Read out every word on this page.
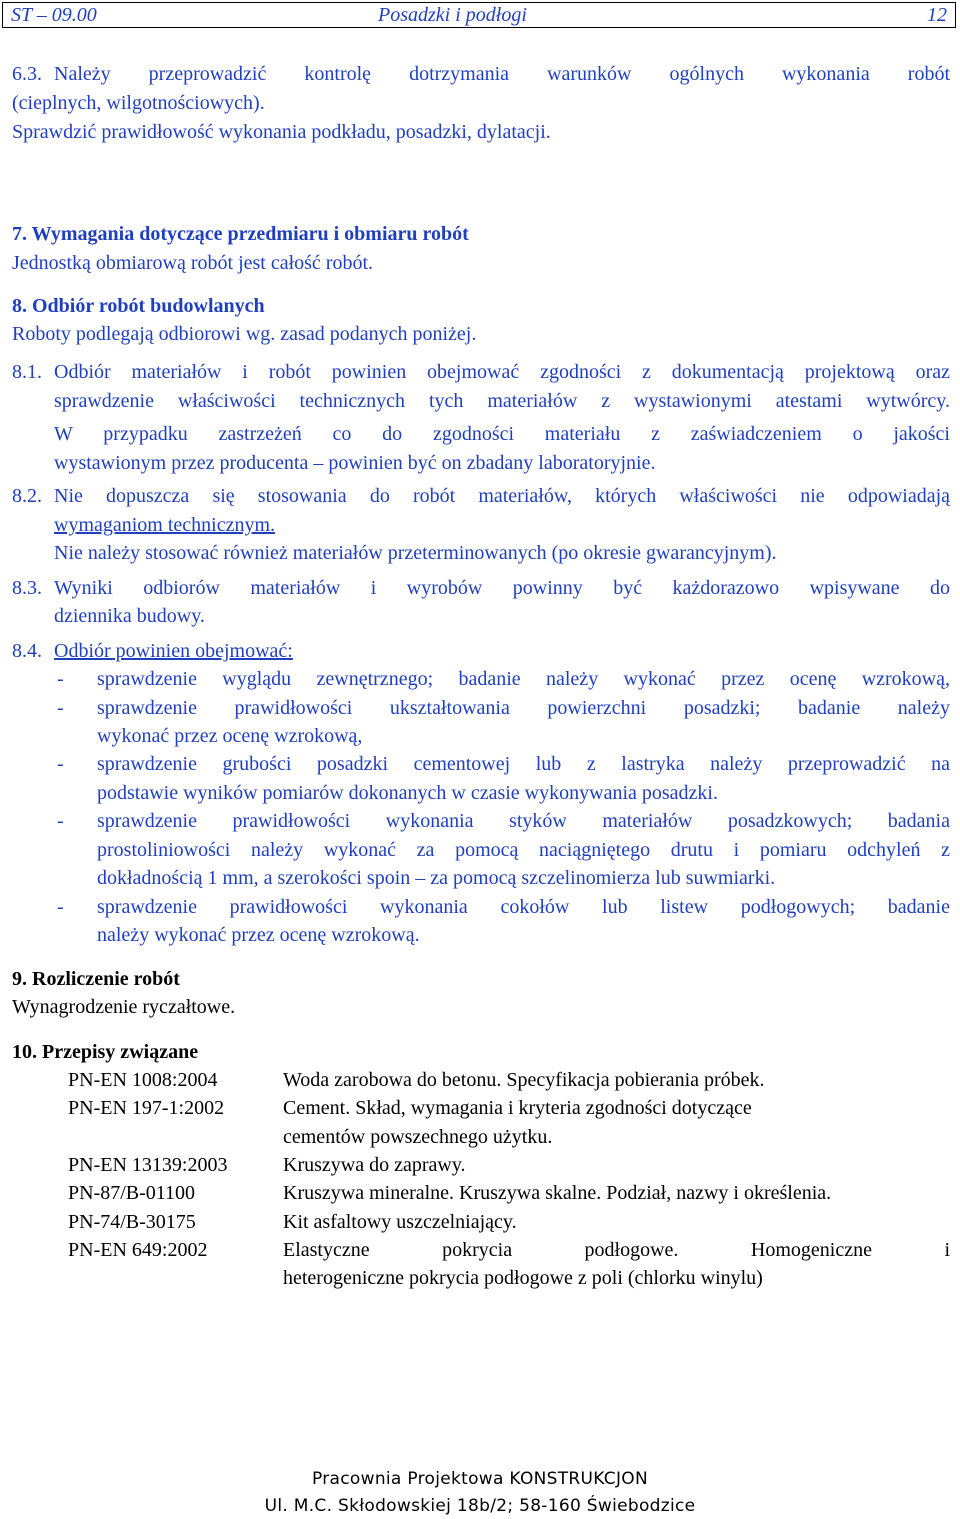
ST – 09.00	Posadzki i podłogi	12
6.3. Należy przeprowadzić kontrolę dotrzymania warunków ogólnych wykonania robót
(cieplnych, wilgotnościowych).
Sprawdzić prawidłowość wykonania podkładu, posadzki, dylatacji.
7. Wymagania dotyczące przedmiaru i obmiaru robót
Jednostką obmiarową robót jest całość robót.
8. Odbiór robót budowlanych
Roboty podlegają odbiorowi wg. zasad podanych poniżej.
8.1. Odbiór materiałów i robót powinien obejmować zgodności z dokumentacją projektową oraz
sprawdzenie właściwości technicznych tych materiałów z wystawionymi atestami wytwórcy.
W przypadku zastrzeżeń co do zgodności materiału z zaświadczeniem o jakości
wystawionym przez producenta – powinien być on zbadany laboratoryjnie.
8.2. Nie dopuszcza się stosowania do robót materiałów, których właściwości nie odpowiadają
wymaganiom technicznym.
Nie należy stosować również materiałów przeterminowanych (po okresie gwarancyjnym).
8.3. Wyniki odbiorów materiałów i wyrobów powinny być każdorazowo wpisywane do
dziennika budowy.
8.4. Odbiór powinien obejmować:
- sprawdzenie wyglądu zewnętrznego; badanie należy wykonać przez ocenę wzrokową,
- sprawdzenie prawidłowości ukształtowania powierzchni posadzki; badanie należy
wykonać przez ocenę wzrokową,
- sprawdzenie grubości posadzki cementowej lub z lastryka należy przeprowadzić na
podstawie wyników pomiarów dokonanych w czasie wykonywania posadzki.
- sprawdzenie prawidłowości wykonania styków materiałów posadzkowych; badania
prostoliniowości należy wykonać za pomocą naciągniętego drutu i pomiaru odchyleń z
dokładnością 1 mm, a szerokości spoin – za pomocą szczelinomierza lub suwmiarki.
- sprawdzenie prawidłowości wykonania cokołów lub listew podłogowych; badanie
należy wykonać przez ocenę wzrokową.
9. Rozliczenie robót
Wynagrodzenie ryczałtowe.
10. Przepisy związane
PN-EN 1008:2004	Woda zarobowa do betonu. Specyfikacja pobierania próbek.
PN-EN 197-1:2002	Cement. Skład, wymagania i kryteria zgodności dotyczące
cementów powszechnego użytku.
PN-EN 13139:2003	Kruszywa do zaprawy.
PN-87/B-01100	Kruszywa mineralne. Kruszywa skalne. Podział, nazwy i określenia.
PN-74/B-30175	Kit asfaltowy uszczelniający.
PN-EN 649:2002	Elastyczne pokrycia podłogowe. Homogeniczne i
heterogeniczne pokrycia podłogowe z poli (chlorku winylu)
Pracownia Projektowa KONSTRUKCJON
Ul. M.C. Skłodowskiej 18b/2; 58-160 Świebodzice
